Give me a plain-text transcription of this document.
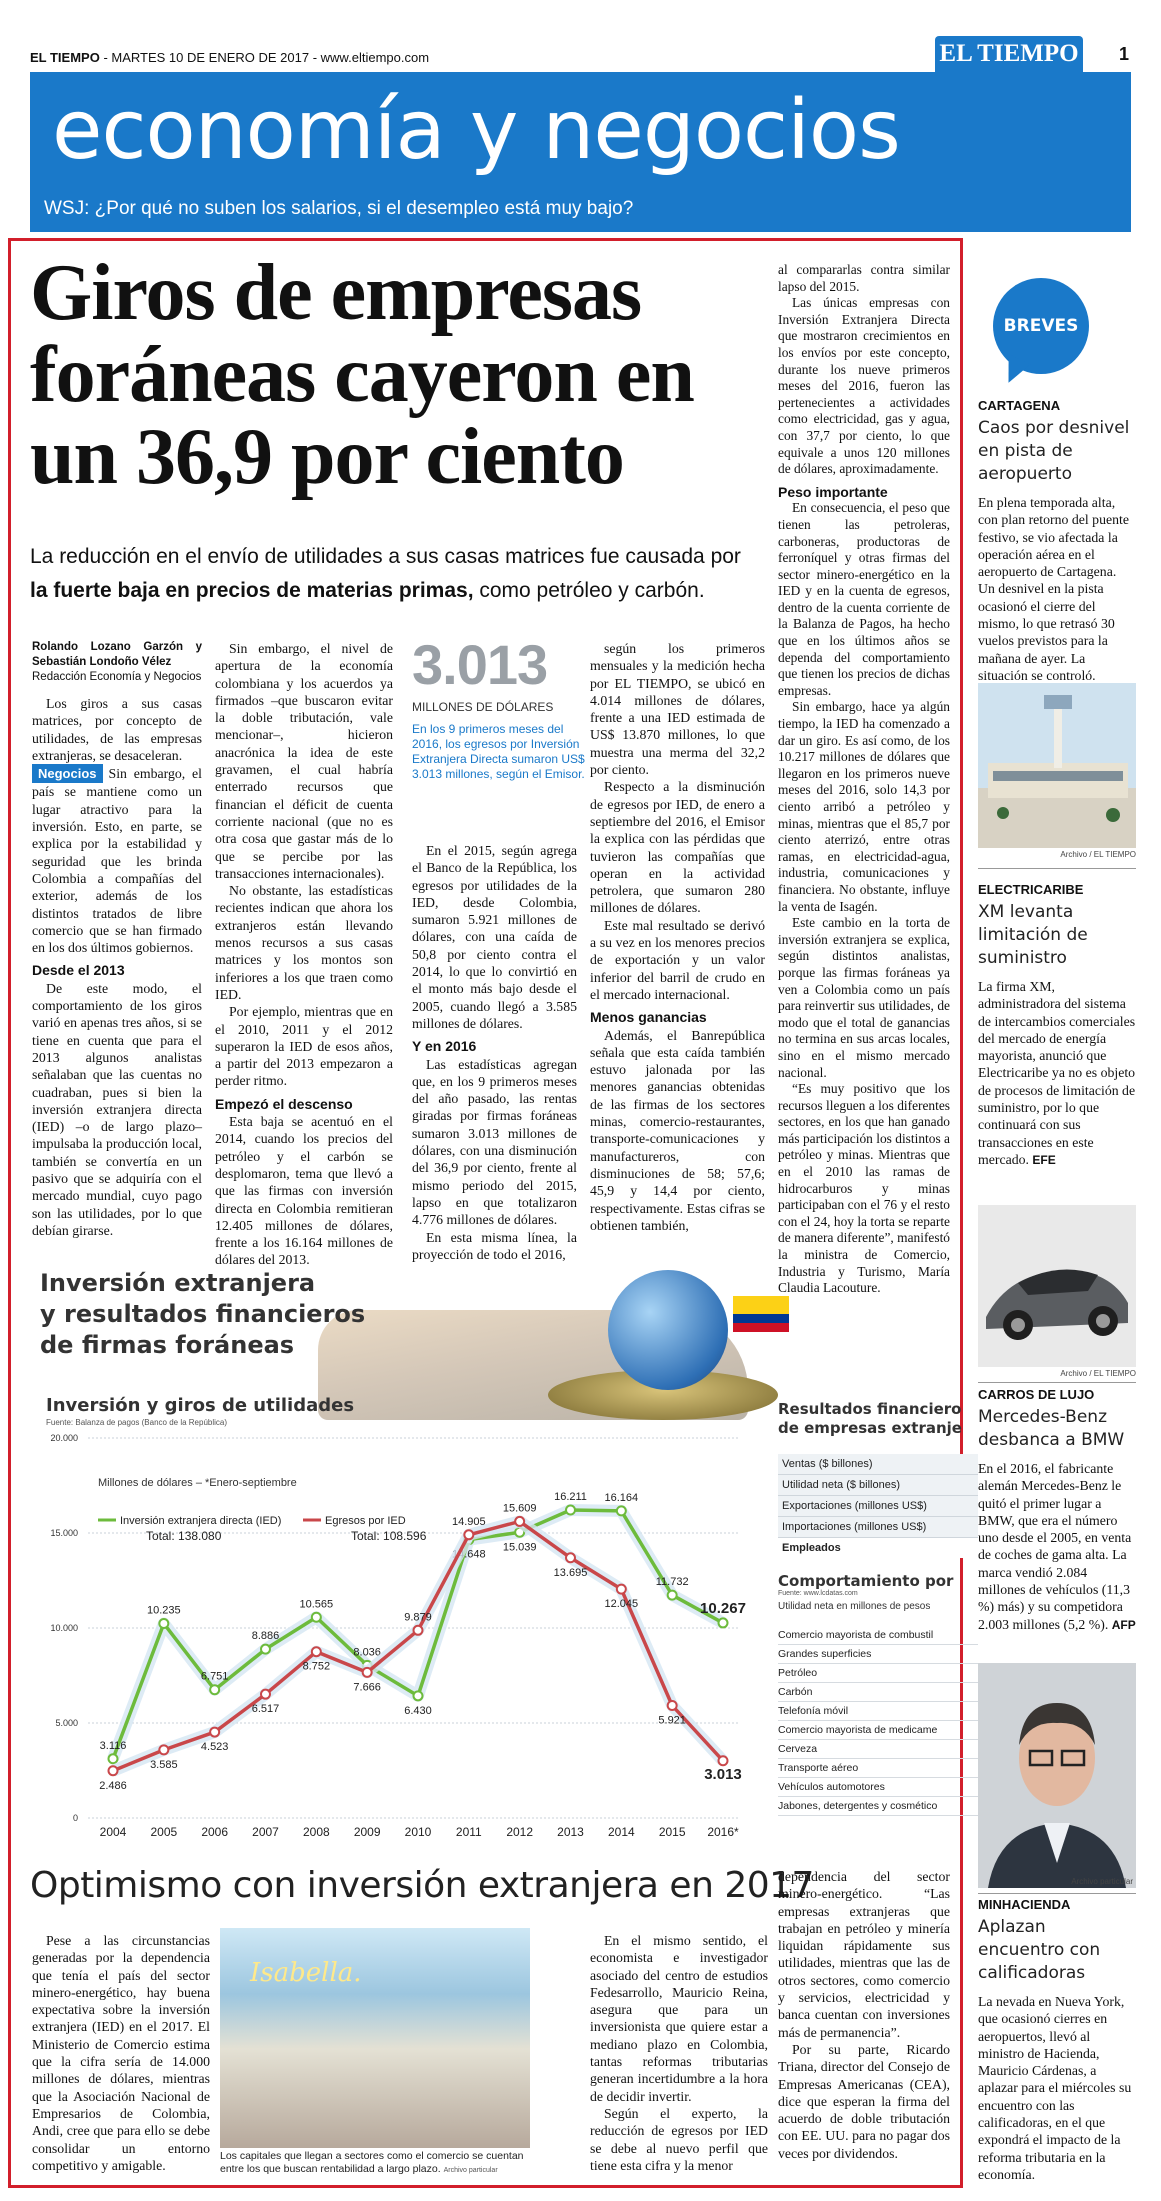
EL TIEMPO - MARTES 10 DE ENERO DE 2017 - www.eltiempo.com	EL TIEMPO 1
economía y negocios
WSJ: ¿Por qué no suben los salarios, si el desempleo está muy bajo?
Giros de empresas foráneas cayeron en un 36,9 por ciento
La reducción en el envío de utilidades a sus casas matrices fue causada por
la fuerte baja en precios de materias primas, como petróleo y carbón.
Rolando Lozano Garzón y Sebastián Londoño Vélez
Redacción Economía y Negocios

Los giros a sus casas matrices, por concepto de utilidades, de las empresas extranjeras, se desaceleran.

Negocios Sin embargo, el país se mantiene como un lugar atractivo para la inversión. Esto, en parte, se explica por la estabilidad y seguridad que les brinda Colombia a compañías del exterior, además de los distintos tratados de libre comercio que se han firmado en los dos últimos gobiernos.

Desde el 2013

De este modo, el comportamiento de los giros varió en apenas tres años, si se tiene en cuenta que para el 2013 algunos analistas señalaban que las cuentas no cuadraban, pues si bien la inversión extranjera directa (IED) –o de largo plazo– impulsaba la producción local, también se convertía en un pasivo que se adquiría con el mercado mundial, cuyo pago son las utilidades, por lo que debían girarse.

Sin embargo, el nivel de apertura de la economía colombiana y los acuerdos ya firmados –que buscaron evitar la doble tributación, vale mencionar–, hicieron anacrónica la idea de este gravamen, el cual habría enterrado recursos que financian el déficit de cuenta corriente nacional (que no es otra cosa que gastar más de lo que se percibe por las transacciones internacionales).

No obstante, las estadísticas recientes indican que ahora los extranjeros están llevando menos recursos a sus casas matrices y los montos son inferiores a los que traen como IED.

Por ejemplo, mientras que en el 2010, 2011 y el 2012 superaron la IED de esos años, a partir del 2013 empezaron a perder ritmo.

Empezó el descenso

Esta baja se acentuó en el 2014, cuando los precios del petróleo y el carbón se desplomaron, tema que llevó a que las firmas con inversión directa en Colombia remitieran 12.405 millones de dólares, frente a los 16.164 millones de dólares del 2013.

3.013
MILLONES DE DÓLARES
En los 9 primeros meses del 2016, los egresos por Inversión Extranjera Directa sumaron US$ 3.013 millones, según el Emisor.

En el 2015, según agrega el Banco de la República, los egresos por utilidades de la IED, desde Colombia, sumaron 5.921 millones de dólares, con una caída de 50,8 por ciento contra el 2014, lo que lo convirtió en el monto más bajo desde el 2005, cuando llegó a 3.585 millones de dólares.

Y en 2016

Las estadísticas agregan que, en los 9 primeros meses del año pasado, las rentas giradas por firmas foráneas sumaron 3.013 millones de dólares, con una disminución del 36,9 por ciento, frente al mismo periodo del 2015, lapso en que totalizaron 4.776 millones de dólares.

En esta misma línea, la proyección de todo el 2016,

según los primeros mensuales y la medición hecha por EL TIEMPO, se ubicó en 4.014 millones de dólares, frente a una IED estimada de US$ 13.870 millones, lo que muestra una merma del 32,2 por ciento.

Respecto a la disminución de egresos por IED, de enero a septiembre del 2016, el Emisor la explica con las pérdidas que tuvieron las compañías que operan en la actividad petrolera, que sumaron 280 millones de dólares.

Este mal resultado se derivó a su vez en los menores precios de exportación y un valor inferior del barril de crudo en el mercado internacional.

Menos ganancias

Además, el Banrepública señala que esta caída también estuvo jalonada por las menores ganancias obtenidas de las firmas de los sectores minas, comercio-restaurantes, transporte-comunicaciones y manufactureros, con disminuciones de 58; 57,6; 45,9 y 14,4 por ciento, respectivamente. Estas cifras se obtienen también,

al compararlas contra similar lapso del 2015.

Las únicas empresas con Inversión Extranjera Directa que mostraron crecimientos en los envíos por este concepto, durante los nueve primeros meses del 2016, fueron las pertenecientes a actividades como electricidad, gas y agua, con 37,7 por ciento, lo que equivale a unos 120 millones de dólares, aproximadamente.

Peso importante

En consecuencia, el peso que tienen las petroleras, carboneras, productoras de ferroníquel y otras firmas del sector minero-energético en la IED y en la cuenta de egresos, dentro de la cuenta corriente de la Balanza de Pagos, ha hecho que en los últimos años se dependa del comportamiento que tienen los precios de dichas empresas.

Sin embargo, hace ya algún tiempo, la IED ha comenzado a dar un giro. Es así como, de los 10.217 millones de dólares que llegaron en los primeros nueve meses del 2016, solo 14,3 por ciento arribó a petróleo y minas, mientras que el 85,7 por ciento aterrizó, entre otras ramas, en electricidad-agua, industria, comunicaciones y financiera. No obstante, influye la venta de Isagén.

Este cambio en la torta de inversión extranjera se explica, según distintos analistas, porque las firmas foráneas ya ven a Colombia como un país para reinvertir sus utilidades, de modo que el total de ganancias no termina en sus arcas locales, sino en el mismo mercado nacional.

“Es muy positivo que los recursos lleguen a los diferentes sectores, en los que han ganado más participación los distintos a petróleo y minas. Mientras que en el 2010 las ramas de hidrocarburos y minas participaban con el 76 y el resto con el 24, hoy la torta se reparte de manera diferente”, manifestó la ministra de Comercio, Industria y Turismo, María Claudia Lacouture.

Inversión extranjera
y resultados financieros
de firmas foráneas
Inversión y giros de utilidades
Fuente: Balanza de pagos (Banco de la República)
0
5.000
10.000
15.000
20.000
2004 2005 2006 2007 2008 2009 2010 2011 2012 2013 2014 2015 2016*
Millones de dólares – *Enero-septiembre
3.116
10.235
6.751
8.886
10.565
8.036
6.430
14.648
15.039
16.211 16.164
11.732
10.267
Inversión extranjera directa (IED)
Total: 138.080
2.486
3.585
4.523
6.517
8.752
7.666
9.879
14.905
15.609
13.695
12.045
5.921
3.013
Egresos por IED
Total: 108.596
Resultados financiero
de empresas extranje
Ventas ($ billones)
Utilidad neta ($ billones)
Exportaciones (millones US$)
Importaciones (millones US$)
Empleados
Comportamiento por
Fuente: www.lcdatas.com
Utilidad neta en millones de pesos
Comercio mayorista de combustil
Grandes superficies
Petróleo
Carbón
Telefonía móvil
Comercio mayorista de medicame
Cerveza
Transporte aéreo
Vehículos automotores
Jabones, detergentes y cosmético
Optimismo con inversión extranjera en 2017

Pese a las circunstancias generadas por la dependencia que tenía el país del sector minero-energético, hay buena expectativa sobre la inversión extranjera (IED) en el 2017. El Ministerio de Comercio estima que la cifra sería de 14.000 millones de dólares, mientras que la Asociación Nacional de Empresarios de Colombia, Andi, cree que para ello se debe consolidar un entorno competitivo y amigable.

Isabella.
Los capitales que llegan a sectores como el comercio se cuentan entre los que buscan rentabilidad a largo plazo. Archivo particular

En el mismo sentido, el economista e investigador asociado del centro de estudios Fedesarrollo, Mauricio Reina, asegura que para un inversionista que quiere estar a mediano plazo en Colombia, tantas reformas tributarias generan incertidumbre a la hora de decidir invertir.

Según el experto, la reducción de egresos por IED se debe al nuevo perfil que tiene esta cifra y la menor

dependencia del sector minero-energético. “Las empresas extranjeras que trabajan en petróleo y minería liquidan rápidamente sus utilidades, mientras que las de otros sectores, como comercio y servicios, electricidad y banca cuentan con inversiones más de permanencia”.

Por su parte, Ricardo Triana, director del Consejo de Empresas Americanas (CEA), dice que esperan la firma del acuerdo de doble tributación con EE. UU. para no pagar dos veces por dividendos.

BREVES
CARTAGENA
Caos por desnivel en pista de aeropuerto
En plena temporada alta, con plan retorno del puente festivo, se vio afectada la operación aérea en el aeropuerto de Cartagena. Un desnivel en la pista ocasionó el cierre del mismo, lo que retrasó 30 vuelos previstos para la mañana de ayer. La situación se controló.
Archivo / EL TIEMPO
ELECTRICARIBE
XM levanta limitación de suministro
La firma XM, administradora del sistema de intercambios comerciales del mercado de energía mayorista, anunció que Electricaribe ya no es objeto de procesos de limitación de suministro, por lo que continuará con sus transacciones en este mercado. EFE
Archivo / EL TIEMPO
CARROS DE LUJO
Mercedes-Benz desbanca a BMW
En el 2016, el fabricante alemán Mercedes-Benz le quitó el primer lugar a BMW, que era el número uno desde el 2005, en venta de coches de gama alta. La marca vendió 2.084 millones de vehículos (11,3 %) más) y su competidora 2.003 millones (5,2 %). AFP
Archivo particular
MINHACIENDA
Aplazan encuentro con calificadoras
La nevada en Nueva York, que ocasionó cierres en aeropuertos, llevó al ministro de Hacienda, Mauricio Cárdenas, a aplazar para el miércoles su encuentro con las calificadoras, en el que expondrá el impacto de la reforma tributaria en la economía.
